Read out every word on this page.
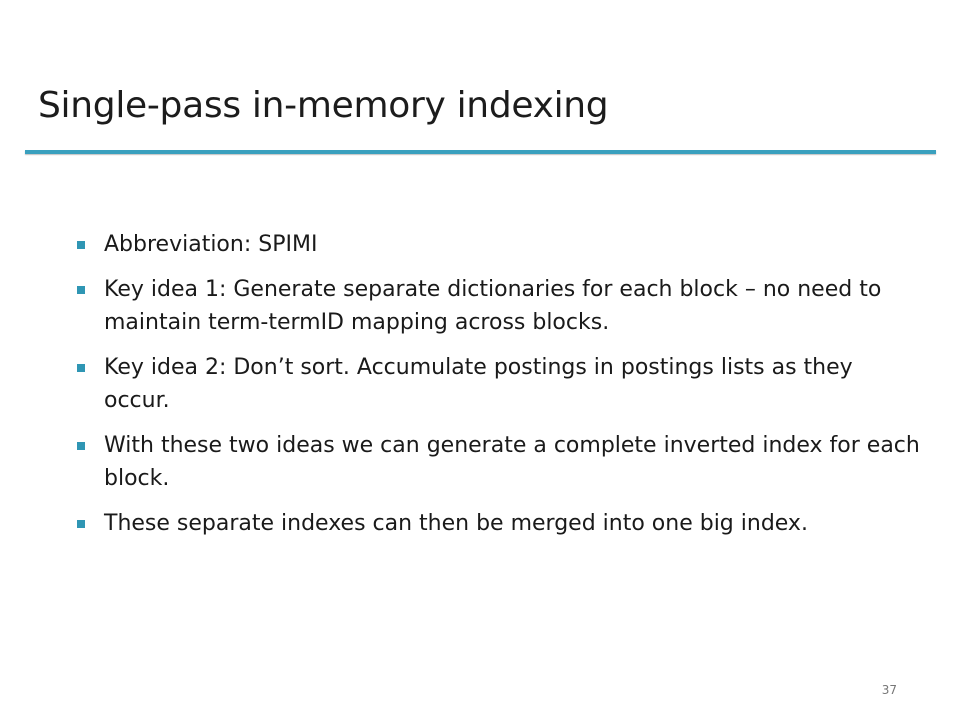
Single-pass in-memory indexing
Abbreviation: SPIMI
Key idea 1: Generate separate dictionaries for each block – no need to maintain term-termID mapping across blocks.
Key idea 2: Don’t sort. Accumulate postings in postings lists as they occur.
With these two ideas we can generate a complete inverted index for each block.
These separate indexes can then be merged into one big index.
37
